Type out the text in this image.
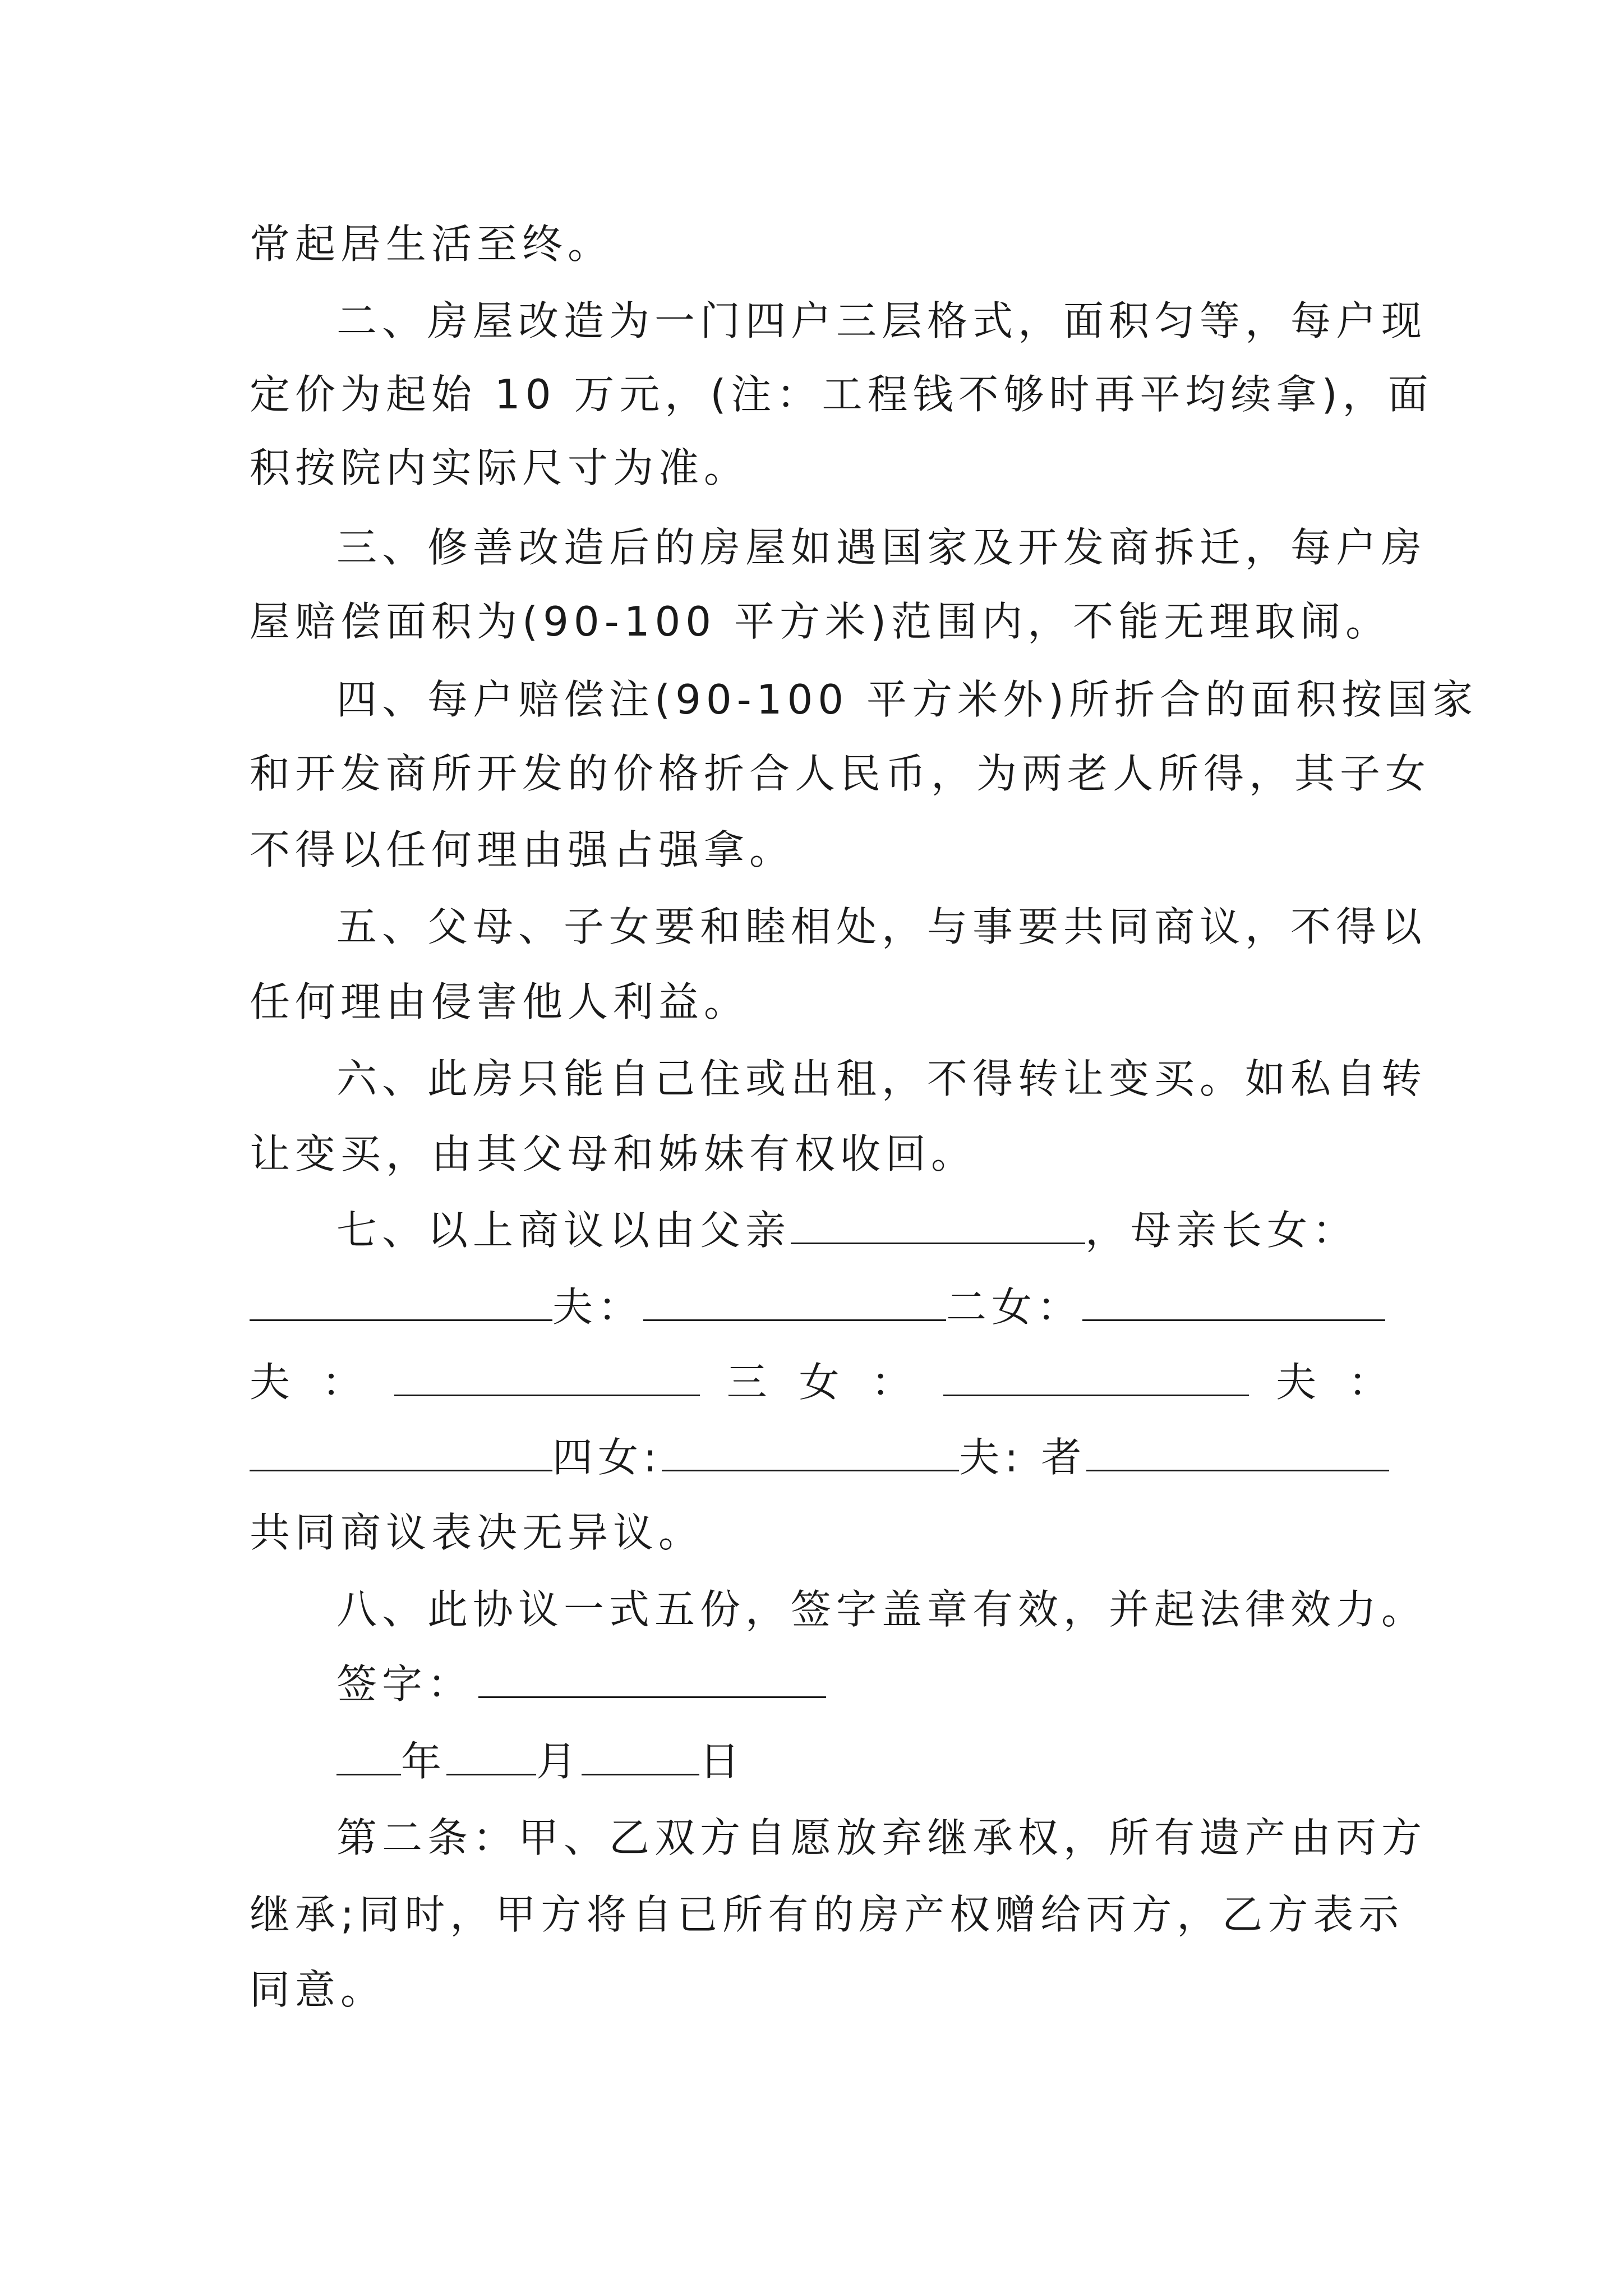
常起居生活至终。
二、房屋改造为一门四户三层格式，面积匀等，每户现
定价为起始 10 万元，(注：工程钱不够时再平均续拿)，面
积按院内实际尺寸为准。
三、修善改造后的房屋如遇国家及开发商拆迁，每户房
屋赔偿面积为(90-100 平方米)范围内，不能无理取闹。
四、每户赔偿注(90-100 平方米外)所折合的面积按国家
和开发商所开发的价格折合人民币，为两老人所得，其子女
不得以任何理由强占强拿。
五、父母、子女要和睦相处，与事要共同商议，不得以
任何理由侵害他人利益。
六、此房只能自己住或出租，不得转让变买。如私自转
让变买，由其父母和姊妹有权收回。
七、以上商议以由父亲	，母亲长女：
夫：	二女：
夫 ：	三 女 ：	夫 ：
四女:	夫: 者
共同商议表决无异议。
八、此协议一式五份，签字盖章有效，并起法律效力。
签字：
年 月	日
第二条：甲、乙双方自愿放弃继承权，所有遗产由丙方
继承;同时，甲方将自已所有的房产权赠给丙方，乙方表示
同意。
